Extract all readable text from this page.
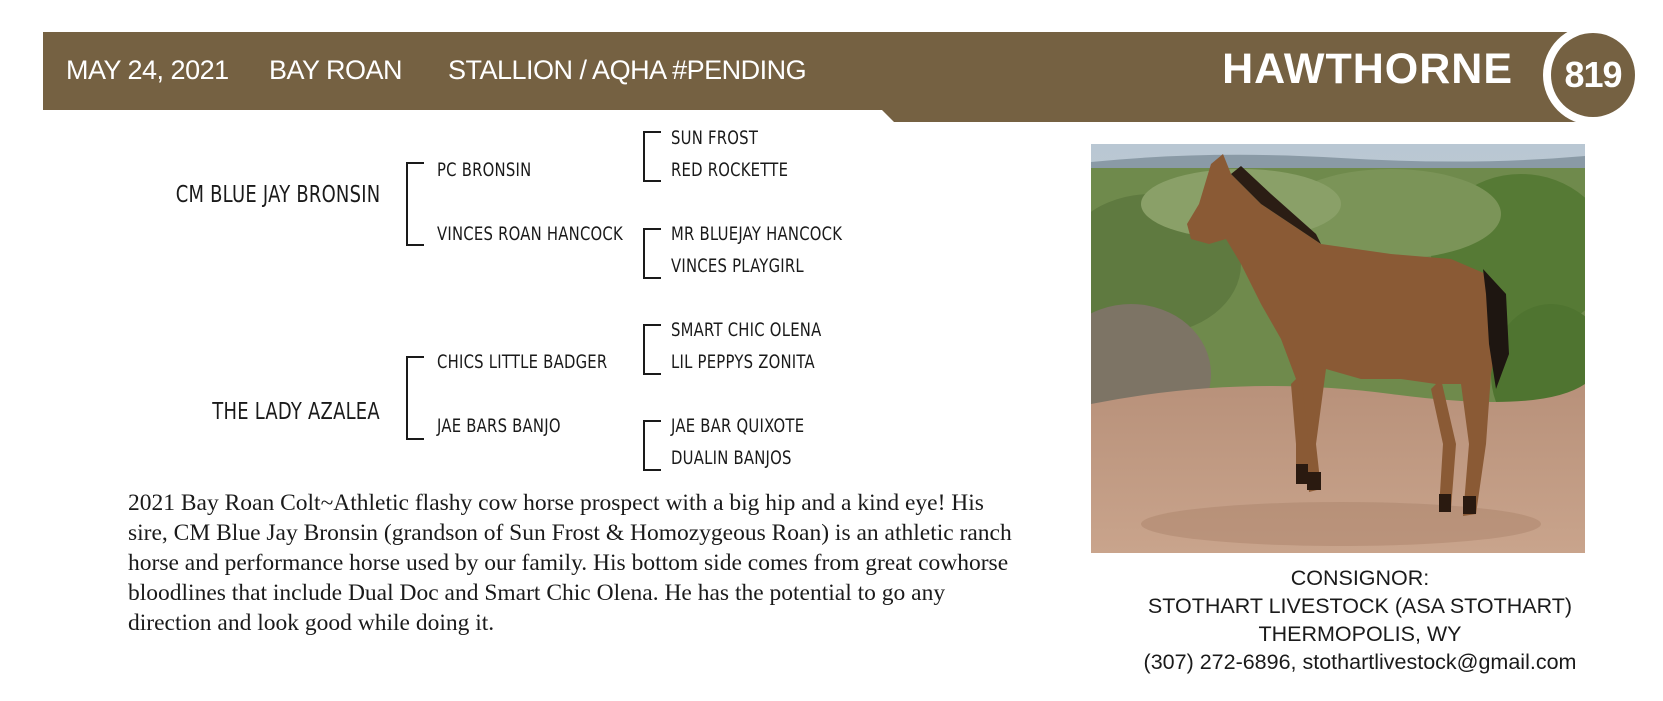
MAY 24, 2021 BAY ROAN STALLION / AQHA #PENDING	HAWTHORNE	819
CM BLUE JAY BRONSIN
THE LADY AZALEA
PC BRONSIN
VINCES ROAN HANCOCK
CHICS LITTLE BADGER
JAE BARS BANJO
SUN FROST
RED ROCKETTE
MR BLUEJAY HANCOCK
VINCES PLAYGIRL
SMART CHIC OLENA
LIL PEPPYS ZONITA
JAE BAR QUIXOTE
DUALIN BANJOS

2021 Bay Roan Colt~Athletic flashy cow horse prospect with a big hip and a kind eye! His sire, CM Blue Jay Bronsin (grandson of Sun Frost & Homozygeous Roan) is an athletic ranch horse and performance horse used by our family. His bottom side comes from great cowhorse bloodlines that include Dual Doc and Smart Chic Olena. He has the potential to go any direction and look good while doing it.

CONSIGNOR:
STOTHART LIVESTOCK (ASA STOTHART)
THERMOPOLIS, WY
(307) 272-6896, stothartlivestock@gmail.com
